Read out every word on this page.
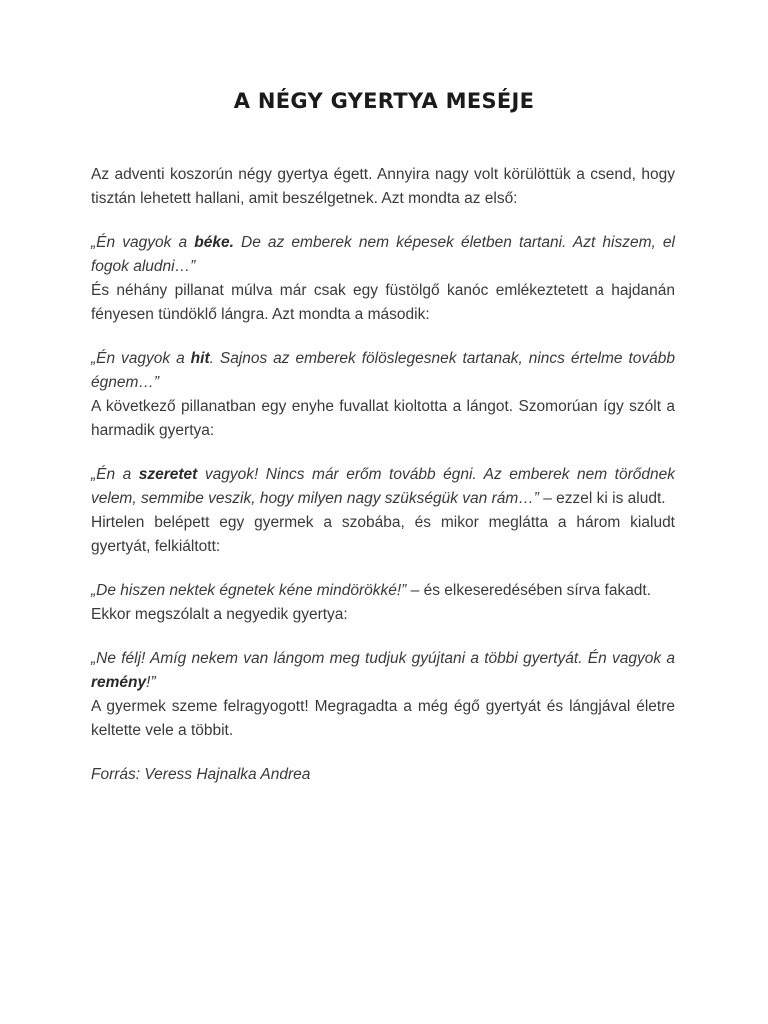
A NÉGY GYERTYA MESÉJE

Az adventi koszorún négy gyertya égett. Annyira nagy volt körülöttük a csend, hogy tisztán lehetett hallani, amit beszélgetnek. Azt mondta az első:

„Én vagyok a béke. De az emberek nem képesek életben tartani. Azt hiszem, el fogok aludni…”
És néhány pillanat múlva már csak egy füstölgő kanóc emlékeztetett a hajdanán fényesen tündöklő lángra. Azt mondta a második:

„Én vagyok a hit. Sajnos az emberek fölöslegesnek tartanak, nincs értelme tovább égnem…”
A következő pillanatban egy enyhe fuvallat kioltotta a lángot. Szomorúan így szólt a harmadik gyertya:

„Én a szeretet vagyok! Nincs már erőm tovább égni. Az emberek nem törődnek velem, semmibe veszik, hogy milyen nagy szükségük van rám…” – ezzel ki is aludt.
Hirtelen belépett egy gyermek a szobába, és mikor meglátta a három kialudt gyertyát, felkiáltott:

„De hiszen nektek égnetek kéne mindörökké!” – és elkeseredésében sírva fakadt.
Ekkor megszólalt a negyedik gyertya:

„Ne félj! Amíg nekem van lángom meg tudjuk gyújtani a többi gyertyát. Én vagyok a remény!”
A gyermek szeme felragyogott! Megragadta a még égő gyertyát és lángjával életre keltette vele a többit.

Forrás: Veress Hajnalka Andrea
